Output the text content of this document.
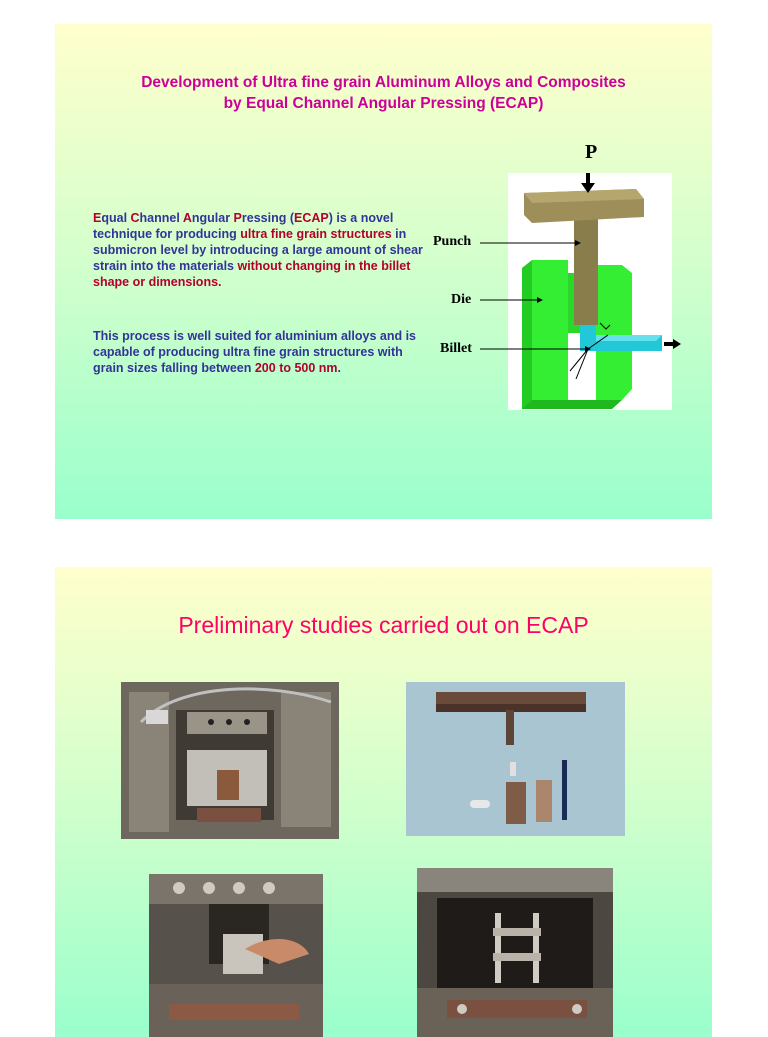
Development of Ultra fine grain Aluminum Alloys and Composites
by Equal Channel Angular Pressing (ECAP)
Equal Channel Angular Pressing (ECAP) is a novel technique for producing ultra fine grain structures in submicron level by introducing a large amount of shear strain into the materials without changing in the billet shape or dimensions.
This process is well suited for aluminium alloys and is capable of producing ultra fine grain structures with grain sizes falling between 200 to 500 nm.
P
Punch
Die
Billet
Preliminary studies carried out on ECAP
